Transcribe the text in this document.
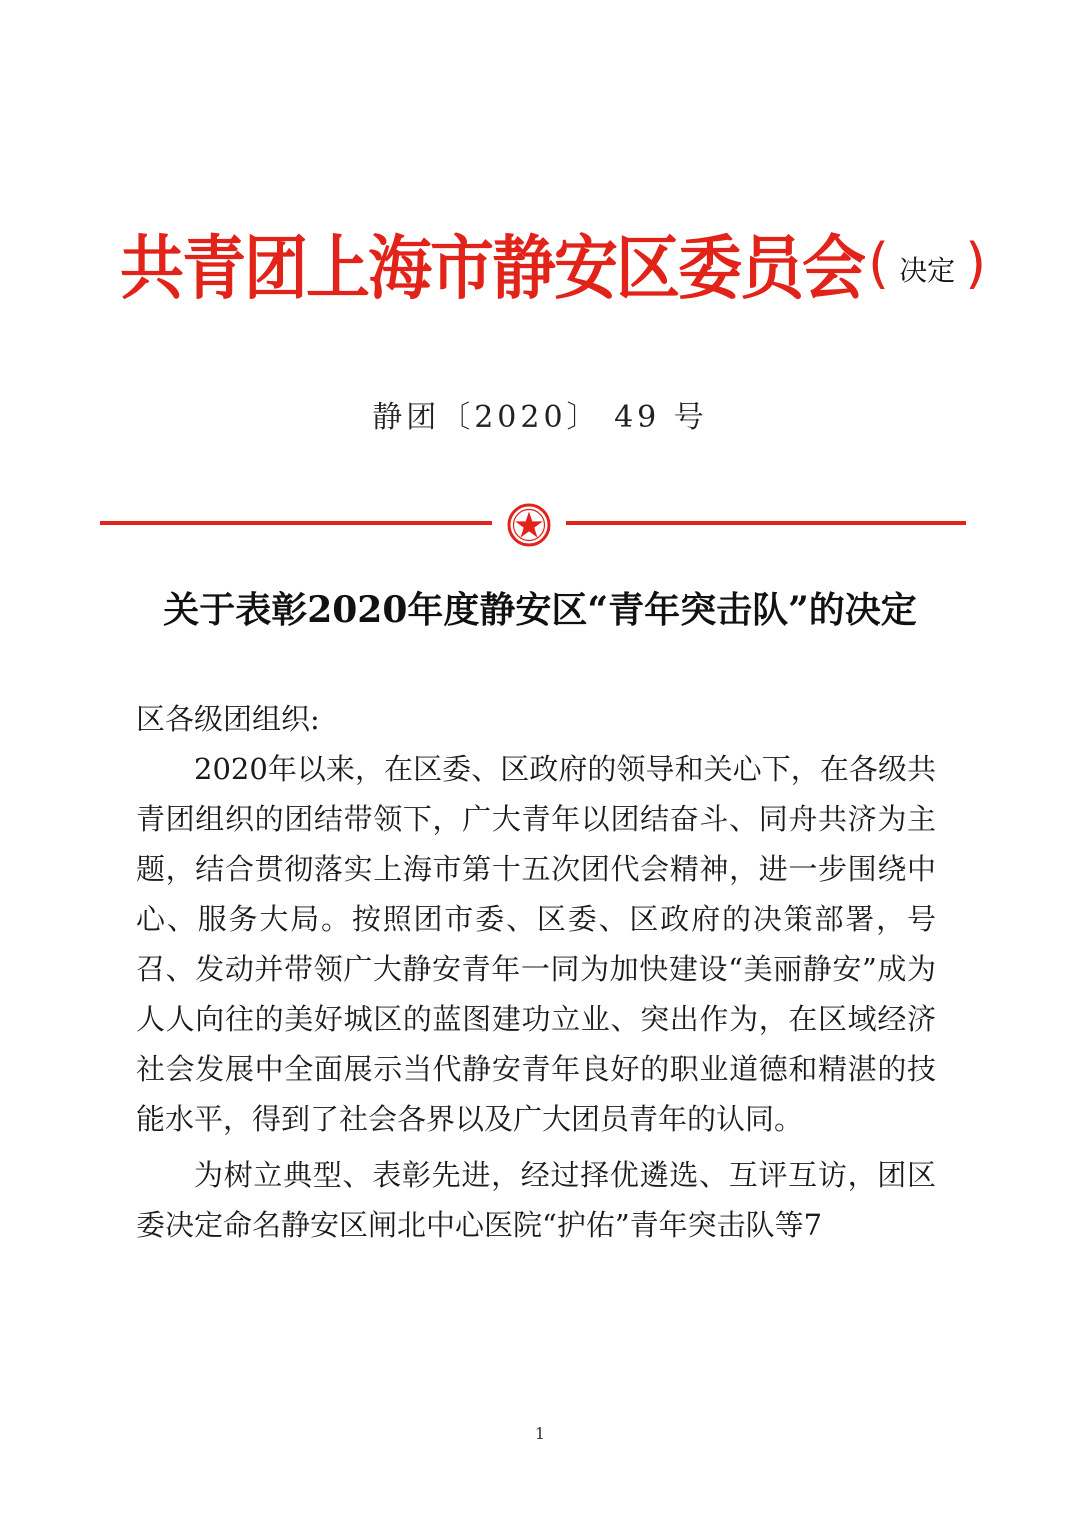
共青团上海市静安区委员会 ( 决定 )
静团〔2020〕 49 号
关于表彰2020年度静安区“青年突击队”的决定

区各级团组织:

2020年以来，在区委、区政府的领导和关心下，在各级共青团组织的团结带领下，广大青年以团结奋斗、同舟共济为主题，结合贯彻落实上海市第十五次团代会精神，进一步围绕中心、服务大局。按照团市委、区委、区政府的决策部署，号召、发动并带领广大静安青年一同为加快建设“美丽静安”成为人人向往的美好城区的蓝图建功立业、突出作为，在区域经济社会发展中全面展示当代静安青年良好的职业道德和精湛的技能水平，得到了社会各界以及广大团员青年的认同。

为树立典型、表彰先进，经过择优遴选、互评互访，团区委决定命名静安区闸北中心医院“护佑”青年突击队等7

1
